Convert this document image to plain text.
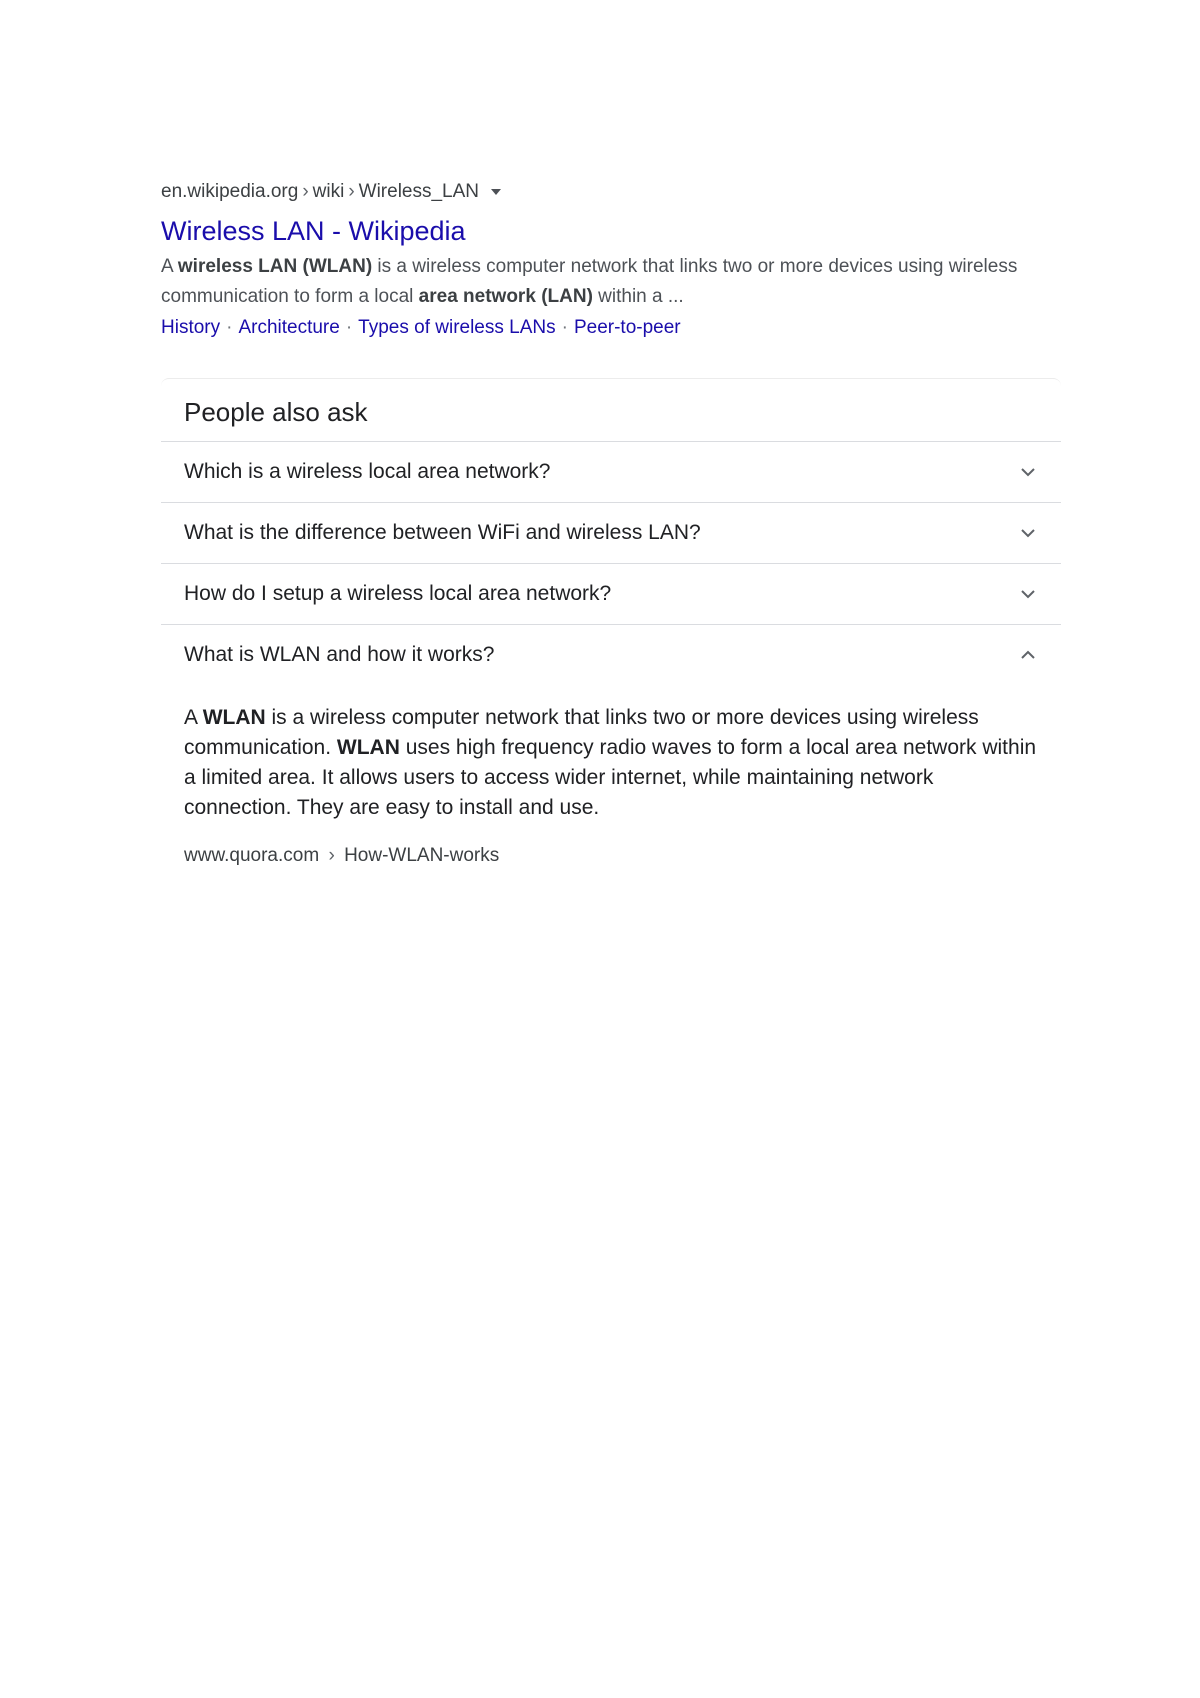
en.wikipedia.org › wiki › Wireless_LAN
Wireless LAN - Wikipedia
A wireless LAN (WLAN) is a wireless computer network that links two or more devices using wireless communication to form a local area network (LAN) within a ...
History · Architecture · Types of wireless LANs · Peer-to-peer
People also ask
Which is a wireless local area network?
What is the difference between WiFi and wireless LAN?
How do I setup a wireless local area network?
What is WLAN and how it works?
A WLAN is a wireless computer network that links two or more devices using wireless communication. WLAN uses high frequency radio waves to form a local area network within a limited area. It allows users to access wider internet, while maintaining network connection. They are easy to install and use.
www.quora.com › How-WLAN-works
